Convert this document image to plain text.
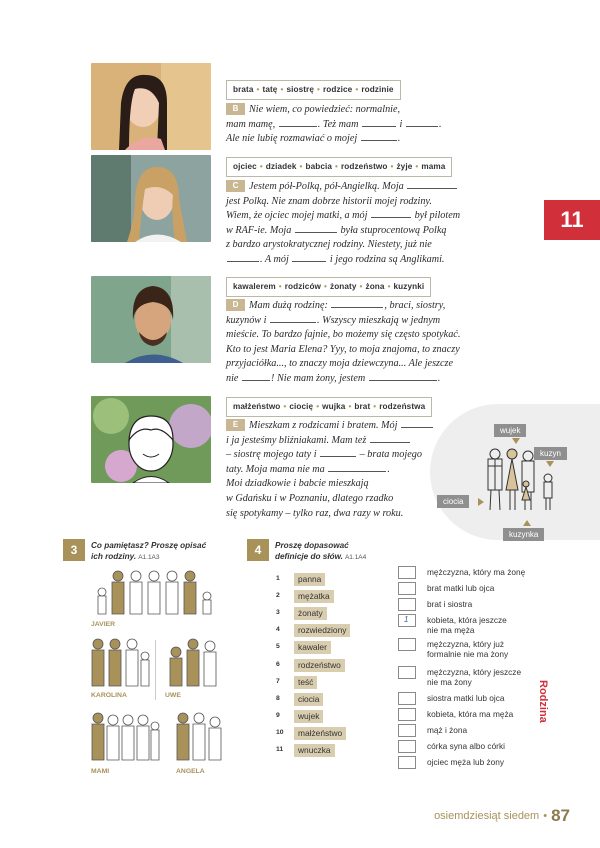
11
Rodzina
brata • tatę • siostrę • rodzice • rodzinie
B Nie wiem, co powiedzieć: normalnie,
mam mamę,	. Też mam	i	.
Ale nie lubię rozmawiać o mojej	.
ojciec • dziadek • babcia • rodzeństwo • żyje • mama
C Jestem pół-Polką, pół-Angielką. Moja
jest Polką. Nie znam dobrze historii mojej rodziny.
Wiem, że ojciec mojej matki, a mój	był pilotem
w RAF-ie. Moja	była stuprocentową Polką
z bardzo arystokratycznej rodziny. Niestety, już nie
. A mój	i jego rodzina są Anglikami.
kawalerem • rodziców • żonaty • żona • kuzynki
D Mam dużą rodzinę:	, braci, siostry,
kuzynów i	. Wszyscy mieszkają w jednym
mieście. To bardzo fajnie, bo możemy się często spotykać.
Kto to jest Maria Elena? Yyy, to moja znajoma, to znaczy
przyjaciółka..., to znaczy moja dziewczyna... Ale jeszcze
nie	! Nie mam żony, jestem	.
małżeństwo • ciocię • wujka • brat • rodzeństwa
E Mieszkam z rodzicami i bratem. Mój
i ja jesteśmy bliźniakami. Mam też
– siostrę mojego taty i	– brata mojego
taty. Moja mama nie ma	.
Moi dziadkowie i babcie mieszkają
w Gdańsku i w Poznaniu, dlatego rzadko
się spotykamy – tylko raz, dwa razy w roku.
wujek
kuzyn
ciocia
kuzynka
3	Co pamiętasz? Proszę opisać
ich rodziny. A1.1A3
JAVIER
KAROLINA	UWE
MAMI	ANGELA
4	Proszę dopasować
definicje do słów. A1.1A4
1	panna
2	mężatka
3	żonaty
4	rozwiedziony
5	kawaler
6	rodzeństwo
7	teść
8	ciocia
9	wujek
10	małżeństwo
11	wnuczka
mężczyzna, który ma żonę
brat matki lub ojca
brat i siostra
1 kobieta, która jeszcze
nie ma męża
mężczyzna, który już
formalnie nie ma żony
mężczyzna, który jeszcze
nie ma żony
siostra matki lub ojca
kobieta, która ma męża
mąż i żona
córka syna albo córki
ojciec męża lub żony
osiemdziesiąt siedem • 87
